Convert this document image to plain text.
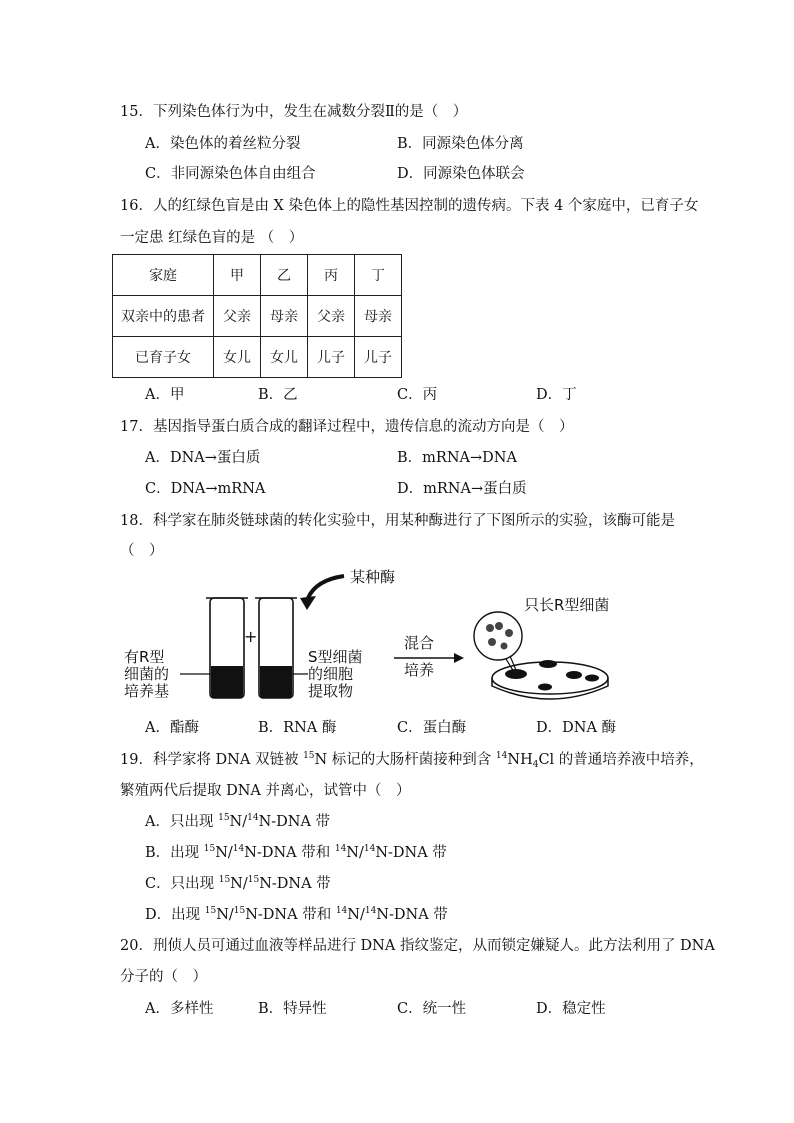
15．下列染色体行为中，发生在减数分裂Ⅱ的是（　）
A．染色体的着丝粒分裂	B．同源染色体分离
C．非同源染色体自由组合	D．同源染色体联会
16．人的红绿色盲是由 X 染色体上的隐性基因控制的遗传病。下表 4 个家庭中，已育子女
一定患 红绿色盲的是 （　）
家庭	甲	乙	丙	丁
双亲中的患者	父亲	母亲	父亲	母亲
已育子女	女儿	女儿	儿子	儿子
A．甲	B．乙	C．丙	D．丁
17．基因指导蛋白质合成的翻译过程中，遗传信息的流动方向是（　）
A．DNA→蛋白质	B．mRNA→DNA
C．DNA→mRNA	D．mRNA→蛋白质
18．科学家在肺炎链球菌的转化实验中，用某种酶进行了下图所示的实验，该酶可能是
（　）
某种酶
+
有R型
细菌的
培养基
S型细菌
的细胞
提取物
混合
培养
只长R型细菌
A．酯酶	B．RNA 酶	C．蛋白酶	D．DNA 酶
19．科学家将 DNA 双链被 $^{15}$N 标记的大肠杆菌接种到含 $^{14}NH_4Cl$ 的普通培养液中培养，
繁殖两代后提取 DNA 并离心，试管中（　）
A．只出现 $^{15}$N/$^{14}$N-DNA 带
B．出现 $^{15}$N/$^{14}$N-DNA 带和 $^{14}$N/$^{14}$N-DNA 带
C．只出现 $^{15}$N/$^{15}$N-DNA 带
D．出现 $^{15}$N/$^{15}$N-DNA 带和 $^{14}$N/$^{14}$N-DNA 带
20．刑侦人员可通过血液等样品进行 DNA 指纹鉴定，从而锁定嫌疑人。此方法利用了 DNA
分子的（　）
A．多样性	B．特异性	C．统一性	D．稳定性
